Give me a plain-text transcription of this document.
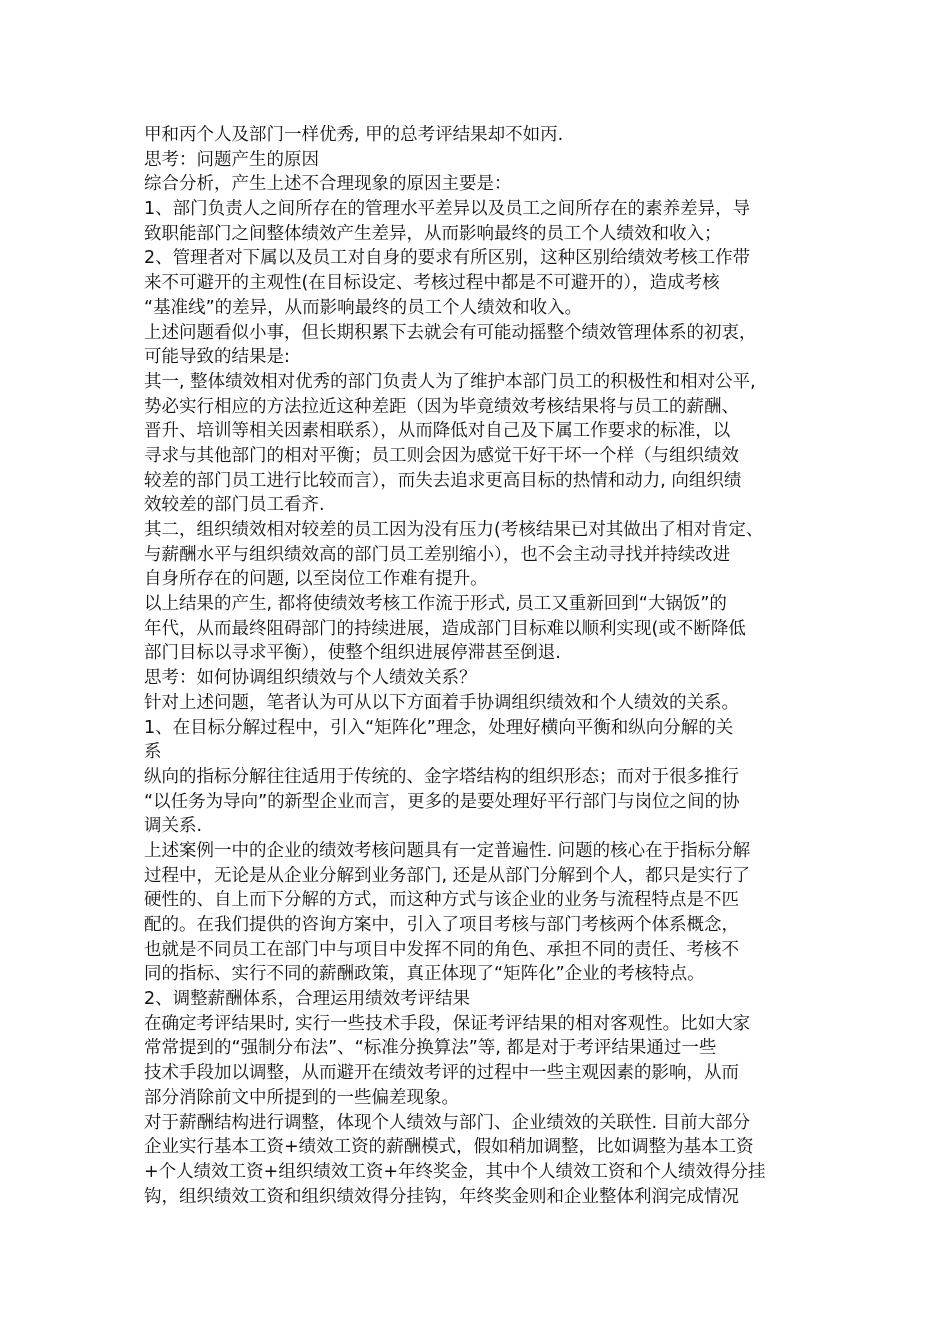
甲和丙个人及部门一样优秀, 甲的总考评结果却不如丙.
思考：问题产生的原因
综合分析，产生上述不合理现象的原因主要是：
1、部门负责人之间所存在的管理水平差异以及员工之间所存在的素养差异，导
致职能部门之间整体绩效产生差异，从而影响最终的员工个人绩效和收入；
2、管理者对下属以及员工对自身的要求有所区别，这种区别给绩效考核工作带
来不可避开的主观性(在目标设定、考核过程中都是不可避开的），造成考核
“基准线”的差异，从而影响最终的员工个人绩效和收入。
上述问题看似小事，但长期积累下去就会有可能动摇整个绩效管理体系的初衷，
可能导致的结果是:
其一, 整体绩效相对优秀的部门负责人为了维护本部门员工的积极性和相对公平,
势必实行相应的方法拉近这种差距（因为毕竟绩效考核结果将与员工的薪酬、
晋升、培训等相关因素相联系），从而降低对自己及下属工作要求的标准，以
寻求与其他部门的相对平衡；员工则会因为感觉干好干坏一个样（与组织绩效
较差的部门员工进行比较而言），而失去追求更高目标的热情和动力, 向组织绩
效较差的部门员工看齐.
其二，组织绩效相对较差的员工因为没有压力(考核结果已对其做出了相对肯定、
与薪酬水平与组织绩效高的部门员工差别缩小），也不会主动寻找并持续改进
自身所存在的问题, 以至岗位工作难有提升。
以上结果的产生, 都将使绩效考核工作流于形式, 员工又重新回到“大锅饭”的
年代，从而最终阻碍部门的持续进展，造成部门目标难以顺利实现(或不断降低
部门目标以寻求平衡），使整个组织进展停滞甚至倒退.
思考：如何协调组织绩效与个人绩效关系？
针对上述问题，笔者认为可从以下方面着手协调组织绩效和个人绩效的关系。
1、在目标分解过程中，引入“矩阵化”理念，处理好横向平衡和纵向分解的关
系
纵向的指标分解往往适用于传统的、金字塔结构的组织形态；而对于很多推行
“以任务为导向”的新型企业而言，更多的是要处理好平行部门与岗位之间的协
调关系.
上述案例一中的企业的绩效考核问题具有一定普遍性. 问题的核心在于指标分解
过程中，无论是从企业分解到业务部门, 还是从部门分解到个人，都只是实行了
硬性的、自上而下分解的方式，而这种方式与该企业的业务与流程特点是不匹
配的。在我们提供的咨询方案中，引入了项目考核与部门考核两个体系概念，
也就是不同员工在部门中与项目中发挥不同的角色、承担不同的责任、考核不
同的指标、实行不同的薪酬政策，真正体现了“矩阵化”企业的考核特点。
2、调整薪酬体系，合理运用绩效考评结果
在确定考评结果时, 实行一些技术手段，保证考评结果的相对客观性。比如大家
常常提到的“强制分布法”、“标准分换算法”等, 都是对于考评结果通过一些
技术手段加以调整，从而避开在绩效考评的过程中一些主观因素的影响，从而
部分消除前文中所提到的一些偏差现象。
对于薪酬结构进行调整，体现个人绩效与部门、企业绩效的关联性. 目前大部分
企业实行基本工资+绩效工资的薪酬模式，假如稍加调整，比如调整为基本工资
+个人绩效工资+组织绩效工资+年终奖金，其中个人绩效工资和个人绩效得分挂
钩，组织绩效工资和组织绩效得分挂钩，年终奖金则和企业整体利润完成情况
